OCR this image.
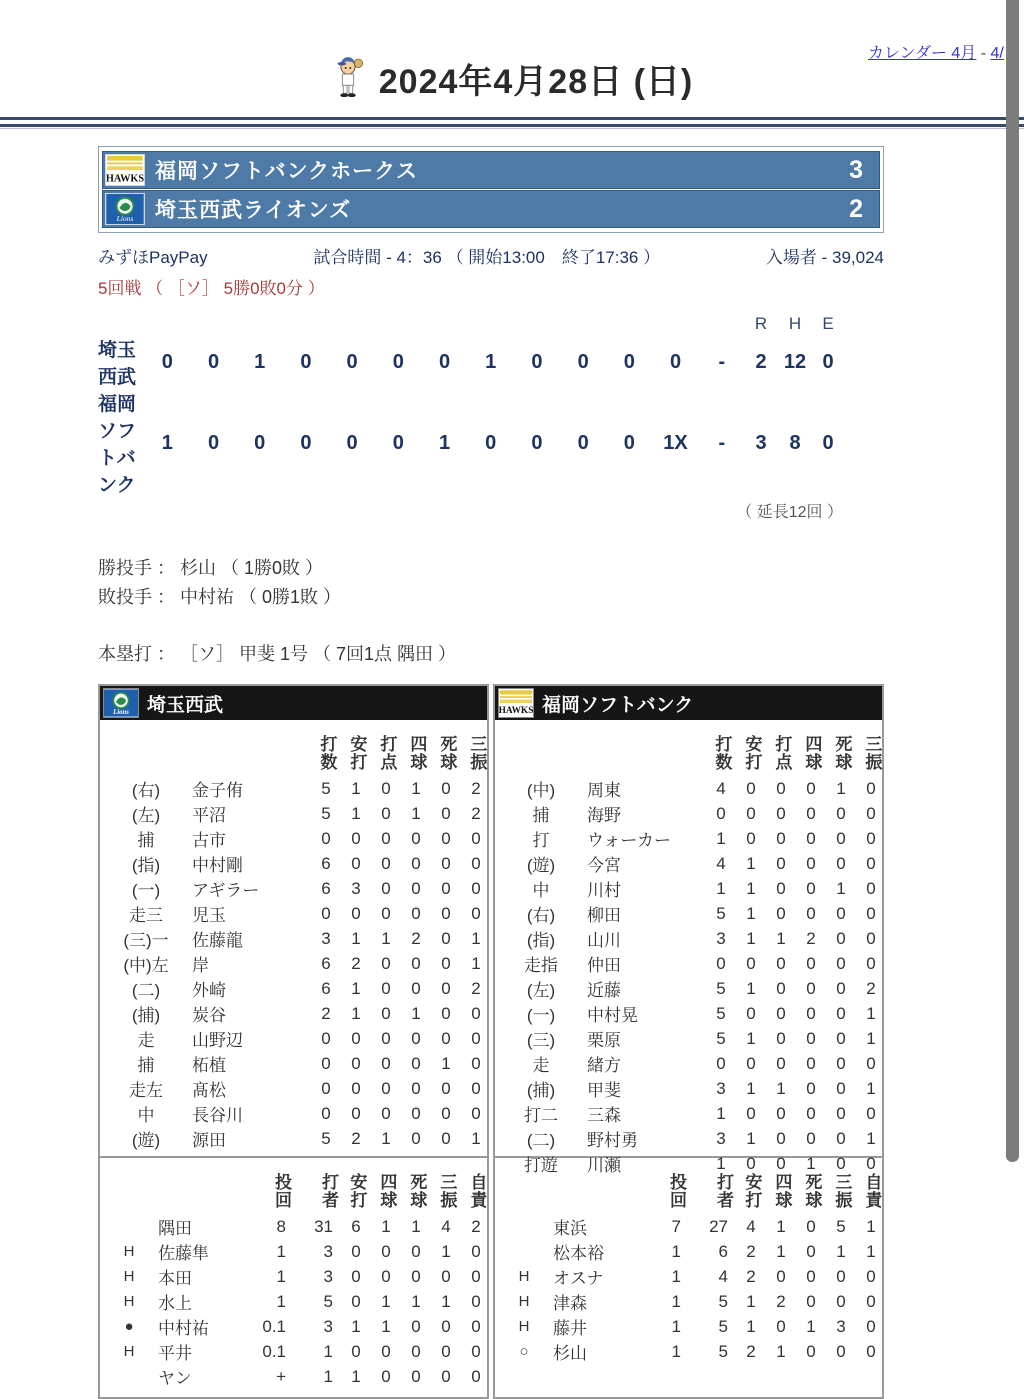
カレンダー 4月 - 4/
2024年4月28日 (日)
HAWKS 福岡ソフトバンクホークス	3
Lions 埼玉西武ライオンズ	2
みずほPayPay	試合時間 - 4：36 （ 開始13:00　終了17:36 ）	入場者 - 39,024
5回戦 （ ［ソ］ 5勝0敗0分 ）
														R	H	E
埼玉西武	0	0	1	0	0	0	0	1	0	0	0	0	-	2	12	0
福岡ソフトバンク	1	0	0	0	0	0	1	0	0	0	0	1X	-	3	8	0
（ 延長12回 ）
勝投手 ： 杉山 （ 1勝0敗 ）
敗投手 ： 中村祐 （ 0勝1敗 ）
本塁打 ： ［ソ］ 甲斐 1号 （ 7回1点 隅田 ）
Lions 埼玉西武
		打数	安打	打点	四球	死球	三振
(右)	金子侑	5	1	0	1	0	2
(左)	平沼	5	1	0	1	0	2
捕	古市	0	0	0	0	0	0
(指)	中村剛	6	0	0	0	0	0
(一)	アギラー	6	3	0	0	0	0
走三	児玉	0	0	0	0	0	0
(三)一	佐藤龍	3	1	1	2	0	1
(中)左	岸	6	2	0	0	0	1
(二)	外崎	6	1	0	0	0	2
(捕)	炭谷	2	1	0	1	0	0
走	山野辺	0	0	0	0	0	0
捕	柘植	0	0	0	0	1	0
走左	髙松	0	0	0	0	0	0
中	長谷川	0	0	0	0	0	0
(遊)	源田	5	2	1	0	0	1
		投回	打者	安打	四球	死球	三振	自責
	隅田	8	31	6	1	1	4	2
H	佐藤隼	1	3	0	0	0	1	0
H	本田	1	3	0	0	0	0	0
H	水上	1	5	0	1	1	1	0
●	中村祐	0.1	3	1	1	0	0	0
H	平井	0.1	1	0	0	0	0	0
	ヤン	+	1	1	0	0	0	0
HAWKS 福岡ソフトバンク
		打数	安打	打点	四球	死球	三振
(中)	周東	4	0	0	0	1	0
捕	海野	0	0	0	0	0	0
打	ウォーカー	1	0	0	0	0	0
(遊)	今宮	4	1	0	0	0	0
中	川村	1	1	0	0	1	0
(右)	柳田	5	1	0	0	0	0
(指)	山川	3	1	1	2	0	0
走指	仲田	0	0	0	0	0	0
(左)	近藤	5	1	0	0	0	2
(一)	中村晃	5	0	0	0	0	1
(三)	栗原	5	1	0	0	0	1
走	緒方	0	0	0	0	0	0
(捕)	甲斐	3	1	1	0	0	1
打二	三森	1	0	0	0	0	0
(二)	野村勇	3	1	0	0	0	1
打遊	川瀬	1	0	0	1	0	0
		投回	打者	安打	四球	死球	三振	自責
	東浜	7	27	4	1	0	5	1
	松本裕	1	6	2	1	0	1	1
H	オスナ	1	4	2	0	0	0	0
H	津森	1	5	1	2	0	0	0
H	藤井	1	5	1	0	1	3	0
○	杉山	1	5	2	1	0	0	0
